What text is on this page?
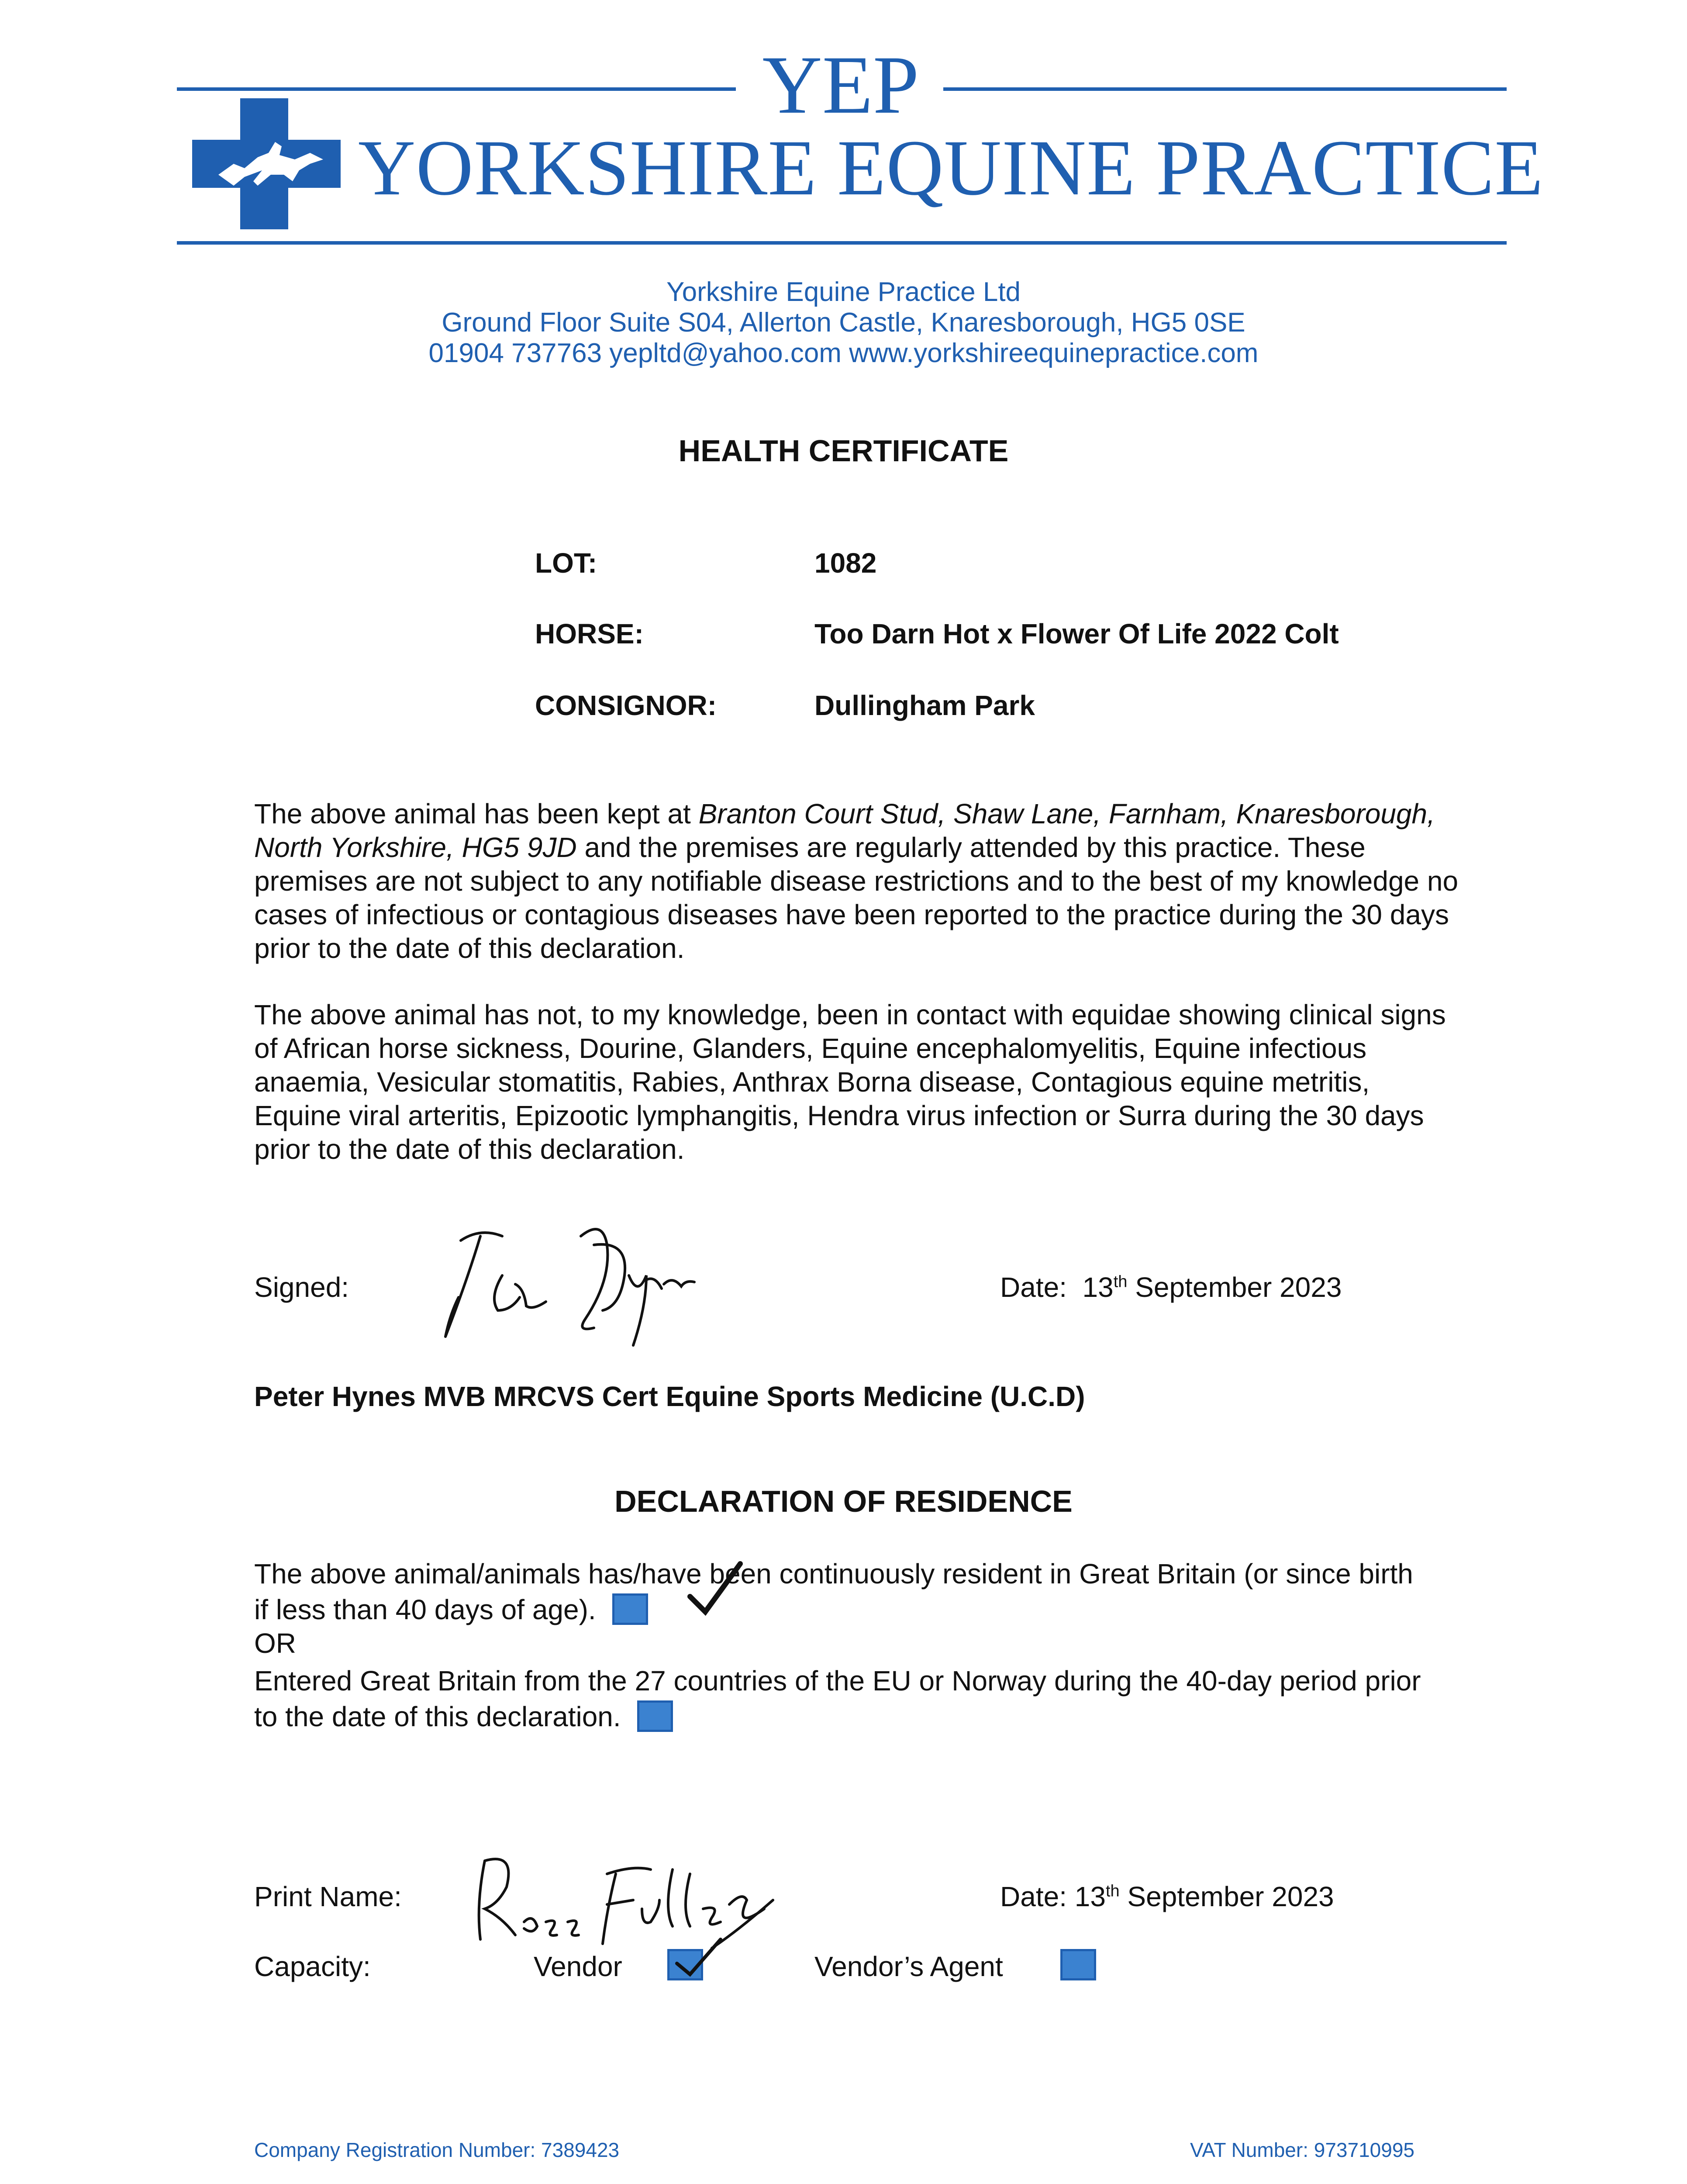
YEP
YORKSHIRE EQUINE PRACTICE
Yorkshire Equine Practice Ltd
Ground Floor Suite S04, Allerton Castle, Knaresborough, HG5 0SE
01904 737763 yepltd@yahoo.com www.yorkshireequinepractice.com
HEALTH CERTIFICATE
LOT:	1082
HORSE:	Too Darn Hot x Flower Of Life 2022 Colt
CONSIGNOR:	Dullingham Park
The above animal has been kept at Branton Court Stud, Shaw Lane, Farnham, Knaresborough, North Yorkshire, HG5 9JD and the premises are regularly attended by this practice. These premises are not subject to any notifiable disease restrictions and to the best of my knowledge no cases of infectious or contagious diseases have been reported to the practice during the 30 days prior to the date of this declaration.
The above animal has not, to my knowledge, been in contact with equidae showing clinical signs of African horse sickness, Dourine, Glanders, Equine encephalomyelitis, Equine infectious anaemia, Vesicular stomatitis, Rabies, Anthrax Borna disease, Contagious equine metritis, Equine viral arteritis, Epizootic lymphangitis, Hendra virus infection or Surra during the 30 days prior to the date of this declaration.
Signed:	Date: 13th September 2023
Peter Hynes MVB MRCVS Cert Equine Sports Medicine (U.C.D)
DECLARATION OF RESIDENCE
The above animal/animals has/have been continuously resident in Great Britain (or since birth if less than 40 days of age).
OR
Entered Great Britain from the 27 countries of the EU or Norway during the 40-day period prior to the date of this declaration.
Print Name:	Date: 13th September 2023
Capacity:	Vendor	Vendor’s Agent
Company Registration Number: 7389423	VAT Number: 973710995
